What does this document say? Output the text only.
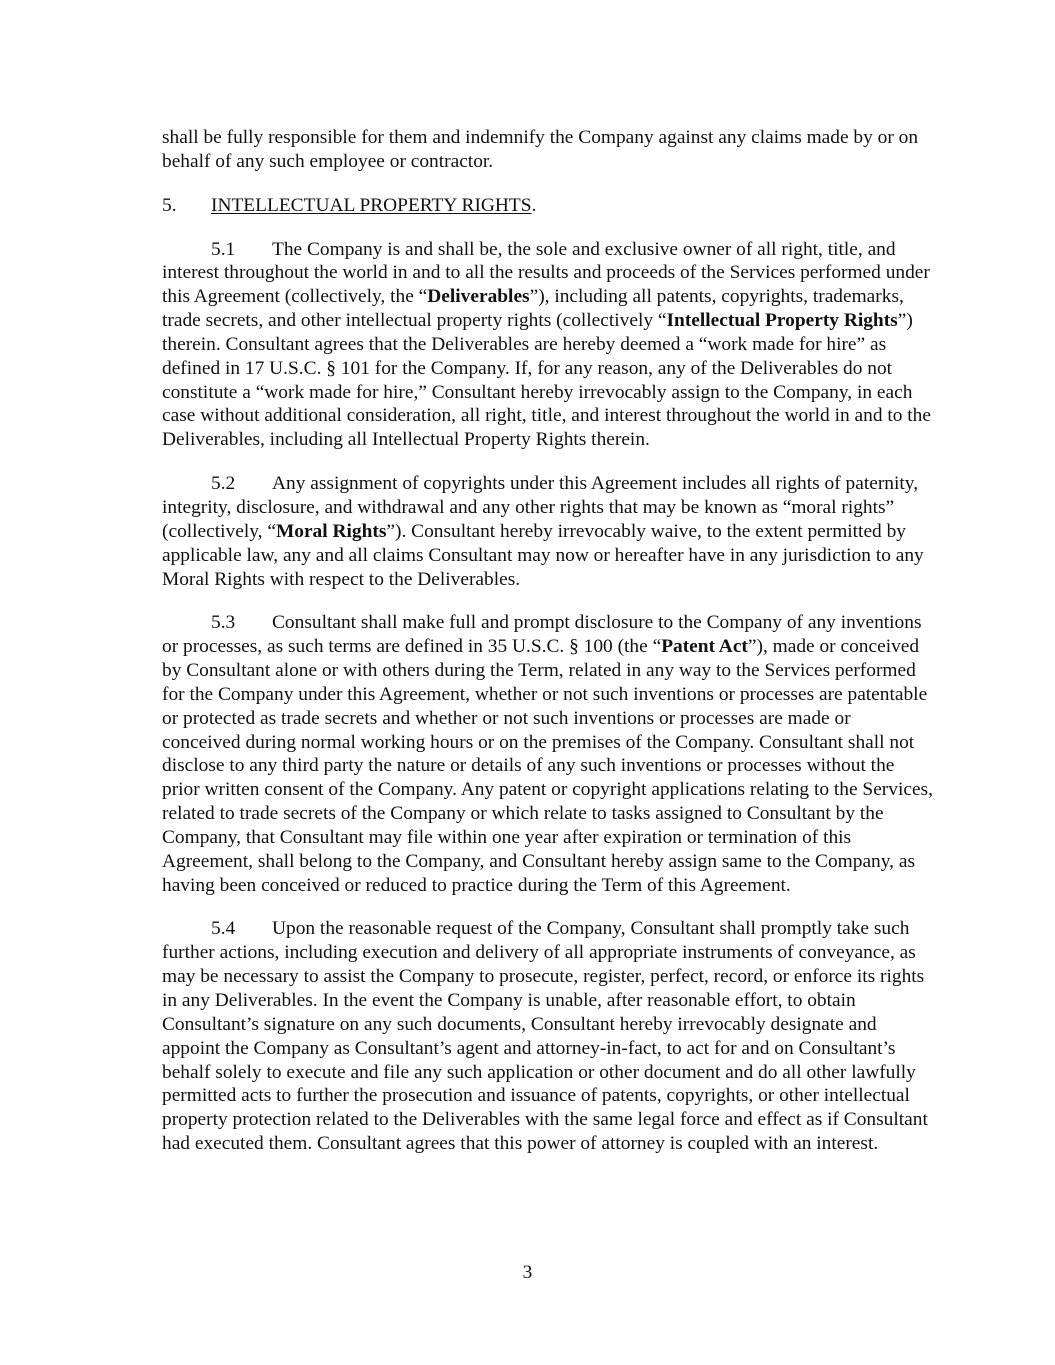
shall be fully responsible for them and indemnify the Company against any claims made by or on behalf of any such employee or contractor.

5. INTELLECTUAL PROPERTY RIGHTS.

5.1 The Company is and shall be, the sole and exclusive owner of all right, title, and interest throughout the world in and to all the results and proceeds of the Services performed under this Agreement (collectively, the “Deliverables”), including all patents, copyrights, trademarks, trade secrets, and other intellectual property rights (collectively “Intellectual Property Rights”) therein. Consultant agrees that the Deliverables are hereby deemed a “work made for hire” as defined in 17 U.S.C. § 101 for the Company. If, for any reason, any of the Deliverables do not constitute a “work made for hire,” Consultant hereby irrevocably assign to the Company, in each case without additional consideration, all right, title, and interest throughout the world in and to the Deliverables, including all Intellectual Property Rights therein.

5.2 Any assignment of copyrights under this Agreement includes all rights of paternity, integrity, disclosure, and withdrawal and any other rights that may be known as “moral rights” (collectively, “Moral Rights”). Consultant hereby irrevocably waive, to the extent permitted by applicable law, any and all claims Consultant may now or hereafter have in any jurisdiction to any Moral Rights with respect to the Deliverables.

5.3 Consultant shall make full and prompt disclosure to the Company of any inventions or processes, as such terms are defined in 35 U.S.C. § 100 (the “Patent Act”), made or conceived by Consultant alone or with others during the Term, related in any way to the Services performed for the Company under this Agreement, whether or not such inventions or processes are patentable or protected as trade secrets and whether or not such inventions or processes are made or conceived during normal working hours or on the premises of the Company. Consultant shall not disclose to any third party the nature or details of any such inventions or processes without the prior written consent of the Company. Any patent or copyright applications relating to the Services, related to trade secrets of the Company or which relate to tasks assigned to Consultant by the Company, that Consultant may file within one year after expiration or termination of this Agreement, shall belong to the Company, and Consultant hereby assign same to the Company, as having been conceived or reduced to practice during the Term of this Agreement.

5.4 Upon the reasonable request of the Company, Consultant shall promptly take such further actions, including execution and delivery of all appropriate instruments of conveyance, as may be necessary to assist the Company to prosecute, register, perfect, record, or enforce its rights in any Deliverables. In the event the Company is unable, after reasonable effort, to obtain Consultant’s signature on any such documents, Consultant hereby irrevocably designate and appoint the Company as Consultant’s agent and attorney-in-fact, to act for and on Consultant’s behalf solely to execute and file any such application or other document and do all other lawfully permitted acts to further the prosecution and issuance of patents, copyrights, or other intellectual property protection related to the Deliverables with the same legal force and effect as if Consultant had executed them. Consultant agrees that this power of attorney is coupled with an interest.

3
